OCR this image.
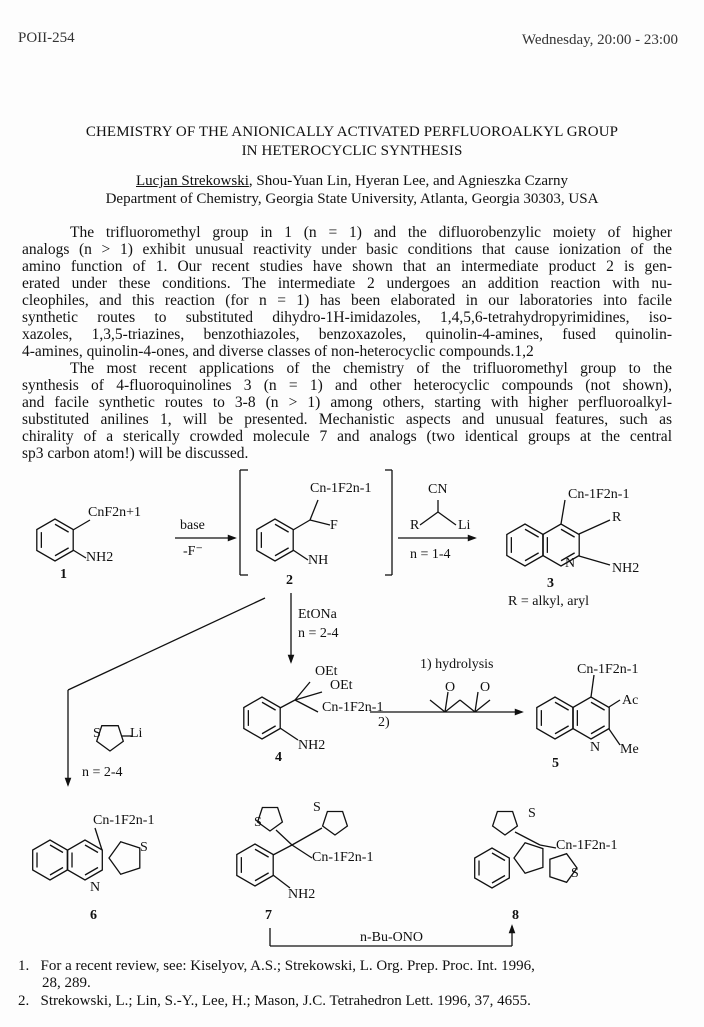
POII-254	Wednesday, 20:00 - 23:00
CHEMISTRY OF THE ANIONICALLY ACTIVATED PERFLUOROALKYL GROUP
IN HETEROCYCLIC SYNTHESIS
Lucjan Strekowski, Shou-Yuan Lin, Hyeran Lee, and Agnieszka Czarny
Department of Chemistry, Georgia State University, Atlanta, Georgia 30303, USA
The trifluoromethyl group in 1 (n = 1) and the difluorobenzylic moiety of higher
analogs (n > 1) exhibit unusual reactivity under basic conditions that cause ionization of the
amino function of 1. Our recent studies have shown that an intermediate product 2 is gen-
erated under these conditions. The intermediate 2 undergoes an addition reaction with nu-
cleophiles, and this reaction (for n = 1) has been elaborated in our laboratories into facile
synthetic routes to substituted dihydro-1H-imidazoles, 1,4,5,6-tetrahydropyrimidines, iso-
xazoles, 1,3,5-triazines, benzothiazoles, benzoxazoles, quinolin-4-amines, fused quinolin-
4-amines, quinolin-4-ones, and diverse classes of non-heterocyclic compounds.1,2
The most recent applications of the chemistry of the trifluoromethyl group to the
synthesis of 4-fluoroquinolines 3 (n = 1) and other heterocyclic compounds (not shown),
and facile synthetic routes to 3-8 (n > 1) among others, starting with higher perfluoroalkyl-
substituted anilines 1, will be presented. Mechanistic aspects and unusual features, such as
chirality of a sterically crowded molecule 7 and analogs (two identical groups at the central
sp3 carbon atom!) will be discussed.
CnF2n+1
NH2
base
-F⁻
Cn-1F2n-1
F
NH
CN
R	Li
n = 1-4
Cn-1F2n-1
R
N	NH2
R = alkyl, aryl
EtONa
n = 2-4
OEt
OEt
Cn-1F2n-1
NH2
1) hydrolysis
O O
2)
Cn-1F2n-1
Ac
N Me
S Li
n = 2-4
Cn-1F2n-1
S
N
S
S
Cn-1F2n-1
NH2
S
Cn-1F2n-1
S
n-Bu-ONO
1	2	3
4	5
6	7	8
1. For a recent review, see: Kiselyov, A.S.; Strekowski, L. Org. Prep. Proc. Int. 1996,
28, 289.
2. Strekowski, L.; Lin, S.-Y., Lee, H.; Mason, J.C. Tetrahedron Lett. 1996, 37, 4655.
